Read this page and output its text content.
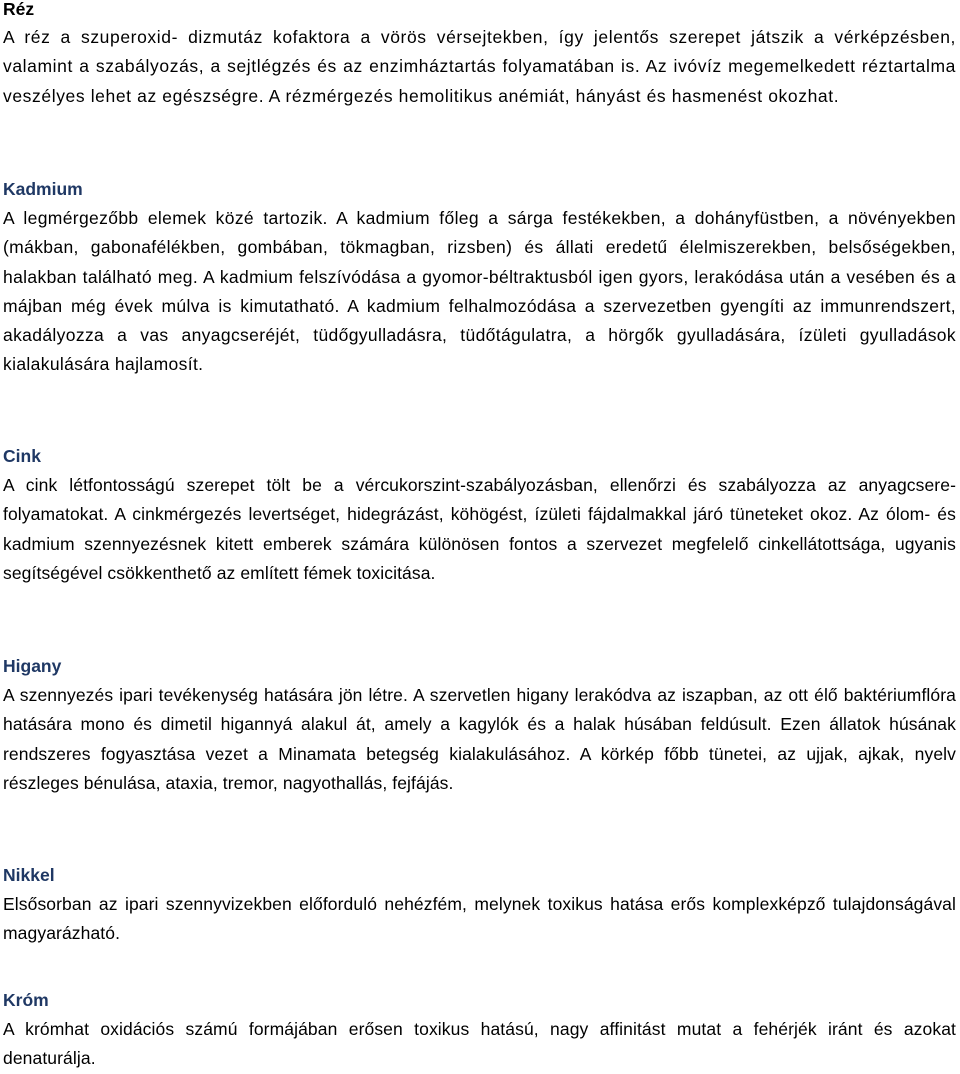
Réz

A réz a szuperoxid- dizmutáz kofaktora a vörös vérsejtekben, így jelentős szerepet játszik a vérképzésben, valamint a szabályozás, a sejtlégzés és az enzimháztartás folyamatában is. Az ivóvíz megemelkedett réztartalma veszélyes lehet az egészségre. A rézmérgezés hemolitikus anémiát, hányást és hasmenést okozhat.

Kadmium

A legmérgezőbb elemek közé tartozik. A kadmium főleg a sárga festékekben, a dohányfüstben, a növényekben (mákban, gabonafélékben, gombában, tökmagban, rizsben) és állati eredetű élelmiszerekben, belsőségekben, halakban található meg. A kadmium felszívódása a gyomor-béltraktusból igen gyors, lerakódása után a vesében és a májban még évek múlva is kimutatható. A kadmium felhalmozódása a szervezetben gyengíti az immunrendszert, akadályozza a vas anyagcseréjét, tüdőgyulladásra, tüdőtágulatra, a hörgők gyulladására, ízületi gyulladások kialakulására hajlamosít.

Cink

A cink létfontosságú szerepet tölt be a vércukorszint-szabályozásban, ellenőrzi és szabályozza az anyagcsere-folyamatokat. A cinkmérgezés levertséget, hidegrázást, köhögést, ízületi fájdalmakkal járó tüneteket okoz. Az ólom- és kadmium szennyezésnek kitett emberek számára különösen fontos a szervezet megfelelő cinkellátottsága, ugyanis segítségével csökkenthető az említett fémek toxicitása.

Higany

A szennyezés ipari tevékenység hatására jön létre. A szervetlen higany lerakódva az iszapban, az ott élő baktériumflóra hatására mono és dimetil higannyá alakul át, amely a kagylók és a halak húsában feldúsult. Ezen állatok húsának rendszeres fogyasztása vezet a Minamata betegség kialakulásához. A körkép főbb tünetei, az ujjak, ajkak, nyelv részleges bénulása, ataxia, tremor, nagyothallás, fejfájás.

Nikkel

Elsősorban az ipari szennyvizekben előforduló nehézfém, melynek toxikus hatása erős komplexképző tulajdonságával magyarázható.

Króm

A krómhat oxidációs számú formájában erősen toxikus hatású, nagy affinitást mutat a fehérjék iránt és azokat denaturálja.
